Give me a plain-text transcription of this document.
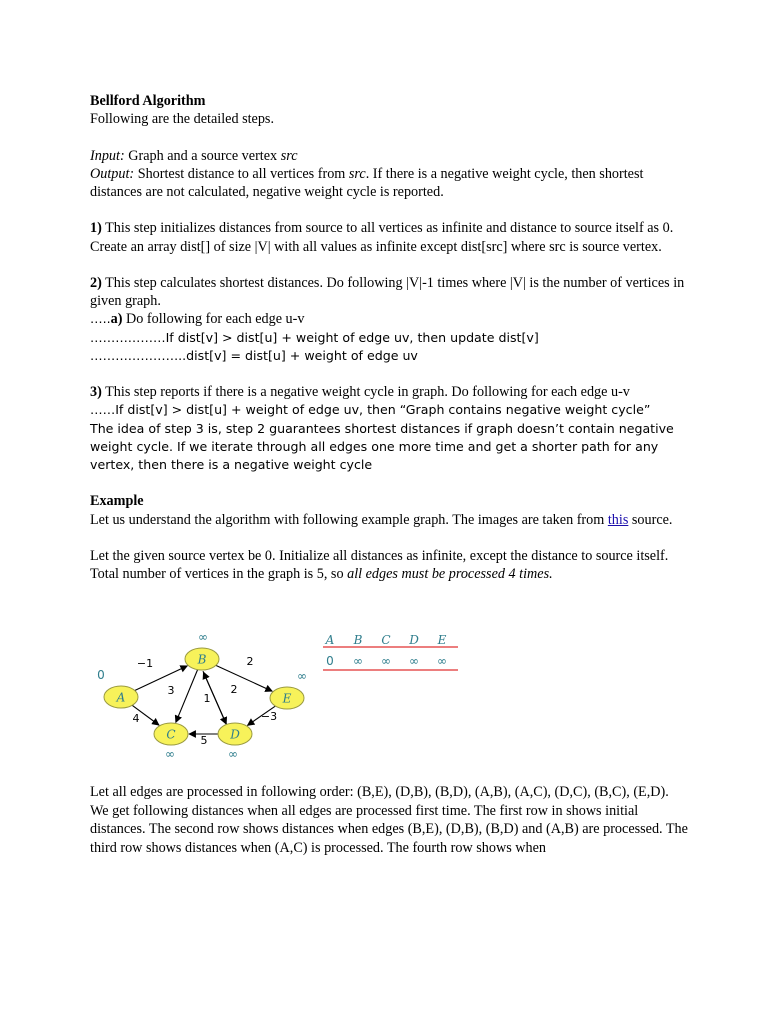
Bellford Algorithm

Following are the detailed steps.

Input: Graph and a source vertex src

Output: Shortest distance to all vertices from src. If there is a negative weight cycle, then shortest distances are not calculated, negative weight cycle is reported.

1) This step initializes distances from source to all vertices as infinite and distance to source itself as 0. Create an array dist[] of size |V| with all values as infinite except dist[src] where src is source vertex.

2) This step calculates shortest distances. Do following |V|-1 times where |V| is the number of vertices in given graph.

…..a) Do following for each edge u-v

………………If dist[v] > dist[u] + weight of edge uv, then update dist[v]

…………………..dist[v] = dist[u] + weight of edge uv

3) This step reports if there is a negative weight cycle in graph. Do following for each edge u-v

……If dist[v] > dist[u] + weight of edge uv, then “Graph contains negative weight cycle”

The idea of step 3 is, step 2 guarantees shortest distances if graph doesn’t contain negative weight cycle. If we iterate through all edges one more time and get a shorter path for any vertex, then there is a negative weight cycle

Example

Let us understand the algorithm with following example graph. The images are taken from this source.

Let the given source vertex be 0. Initialize all distances as infinite, except the distance to source itself. Total number of vertices in the graph is 5, so all edges must be processed 4 times.

−1
4
3	2
1
2
5
−3
A
0
B
∞
C
∞
D
∞
E
∞
A B C D E
0 ∞ ∞ ∞ ∞
Let all edges are processed in following order: (B,E), (D,B), (B,D), (A,B), (A,C), (D,C), (B,C), (E,D). We get following distances when all edges are processed first time. The first row in shows initial distances. The second row shows distances when edges (B,E), (D,B), (B,D) and (A,B) are processed. The third row shows distances when (A,C) is processed. The fourth row shows when
